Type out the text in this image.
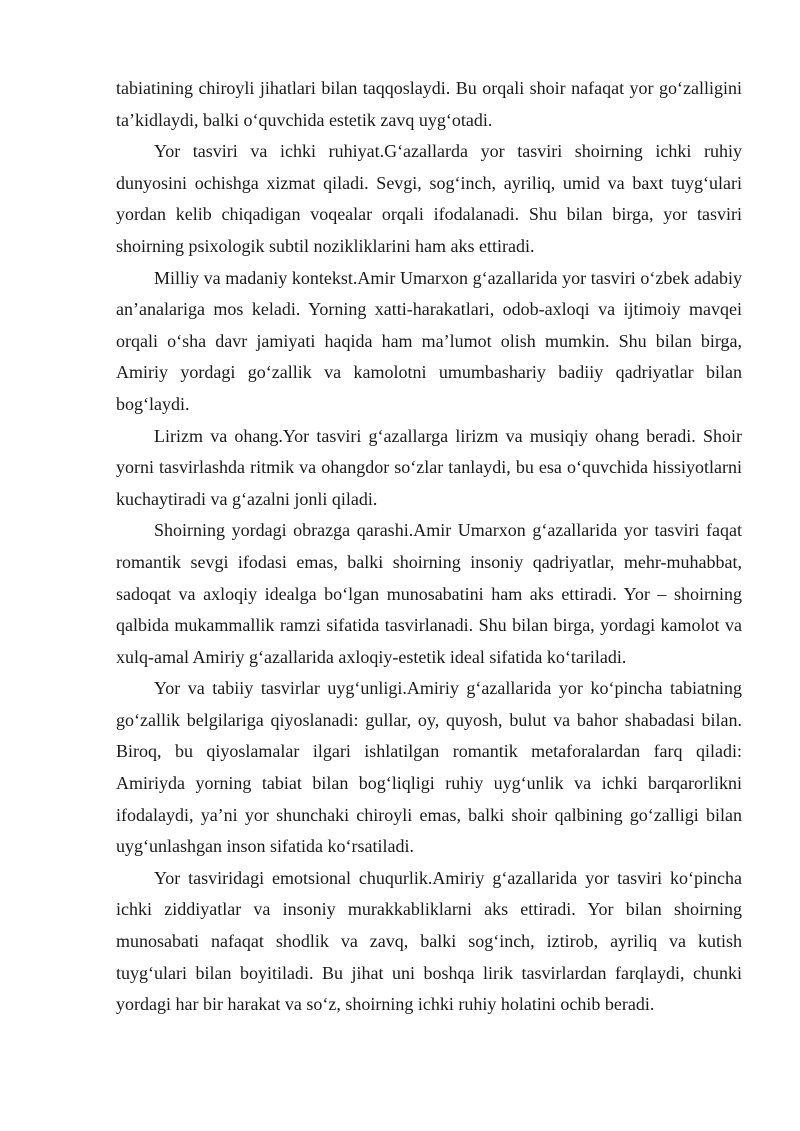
tabiatining chiroyli jihatlari bilan taqqoslaydi. Bu orqali shoir nafaqat yor go‘zalligini ta’kidlaydi, balki o‘quvchida estetik zavq uyg‘otadi.

Yor tasviri va ichki ruhiyat.G‘azallarda yor tasviri shoirning ichki ruhiy dunyosini ochishga xizmat qiladi. Sevgi, sog‘inch, ayriliq, umid va baxt tuyg‘ulari yordan kelib chiqadigan voqealar orqali ifodalanadi. Shu bilan birga, yor tasviri shoirning psixologik subtil nozikliklarini ham aks ettiradi.

Milliy va madaniy kontekst.Amir Umarxon g‘azallarida yor tasviri o‘zbek adabiy an’analariga mos keladi. Yorning xatti-harakatlari, odob-axloqi va ijtimoiy mavqei orqali o‘sha davr jamiyati haqida ham ma’lumot olish mumkin. Shu bilan birga, Amiriy yordagi go‘zallik va kamolotni umumbashariy badiiy qadriyatlar bilan bog‘laydi.

Lirizm va ohang.Yor tasviri g‘azallarga lirizm va musiqiy ohang beradi. Shoir yorni tasvirlashda ritmik va ohangdor so‘zlar tanlaydi, bu esa o‘quvchida hissiyotlarni kuchaytiradi va g‘azalni jonli qiladi.

Shoirning yordagi obrazga qarashi.Amir Umarxon g‘azallarida yor tasviri faqat romantik sevgi ifodasi emas, balki shoirning insoniy qadriyatlar, mehr-muhabbat, sadoqat va axloqiy idealga bo‘lgan munosabatini ham aks ettiradi. Yor – shoirning qalbida mukammallik ramzi sifatida tasvirlanadi. Shu bilan birga, yordagi kamolot va xulq-amal Amiriy g‘azallarida axloqiy-estetik ideal sifatida ko‘tariladi.

Yor va tabiiy tasvirlar uyg‘unligi.Amiriy g‘azallarida yor ko‘pincha tabiatning go‘zallik belgilariga qiyoslanadi: gullar, oy, quyosh, bulut va bahor shabadasi bilan. Biroq, bu qiyoslamalar ilgari ishlatilgan romantik metaforalardan farq qiladi: Amiriyda yorning tabiat bilan bog‘liqligi ruhiy uyg‘unlik va ichki barqarorlikni ifodalaydi, ya’ni yor shunchaki chiroyli emas, balki shoir qalbining go‘zalligi bilan uyg‘unlashgan inson sifatida ko‘rsatiladi.

Yor tasviridagi emotsional chuqurlik.Amiriy g‘azallarida yor tasviri ko‘pincha ichki ziddiyatlar va insoniy murakkabliklarni aks ettiradi. Yor bilan shoirning munosabati nafaqat shodlik va zavq, balki sog‘inch, iztirob, ayriliq va kutish tuyg‘ulari bilan boyitiladi. Bu jihat uni boshqa lirik tasvirlardan farqlaydi, chunki yordagi har bir harakat va so‘z, shoirning ichki ruhiy holatini ochib beradi.
